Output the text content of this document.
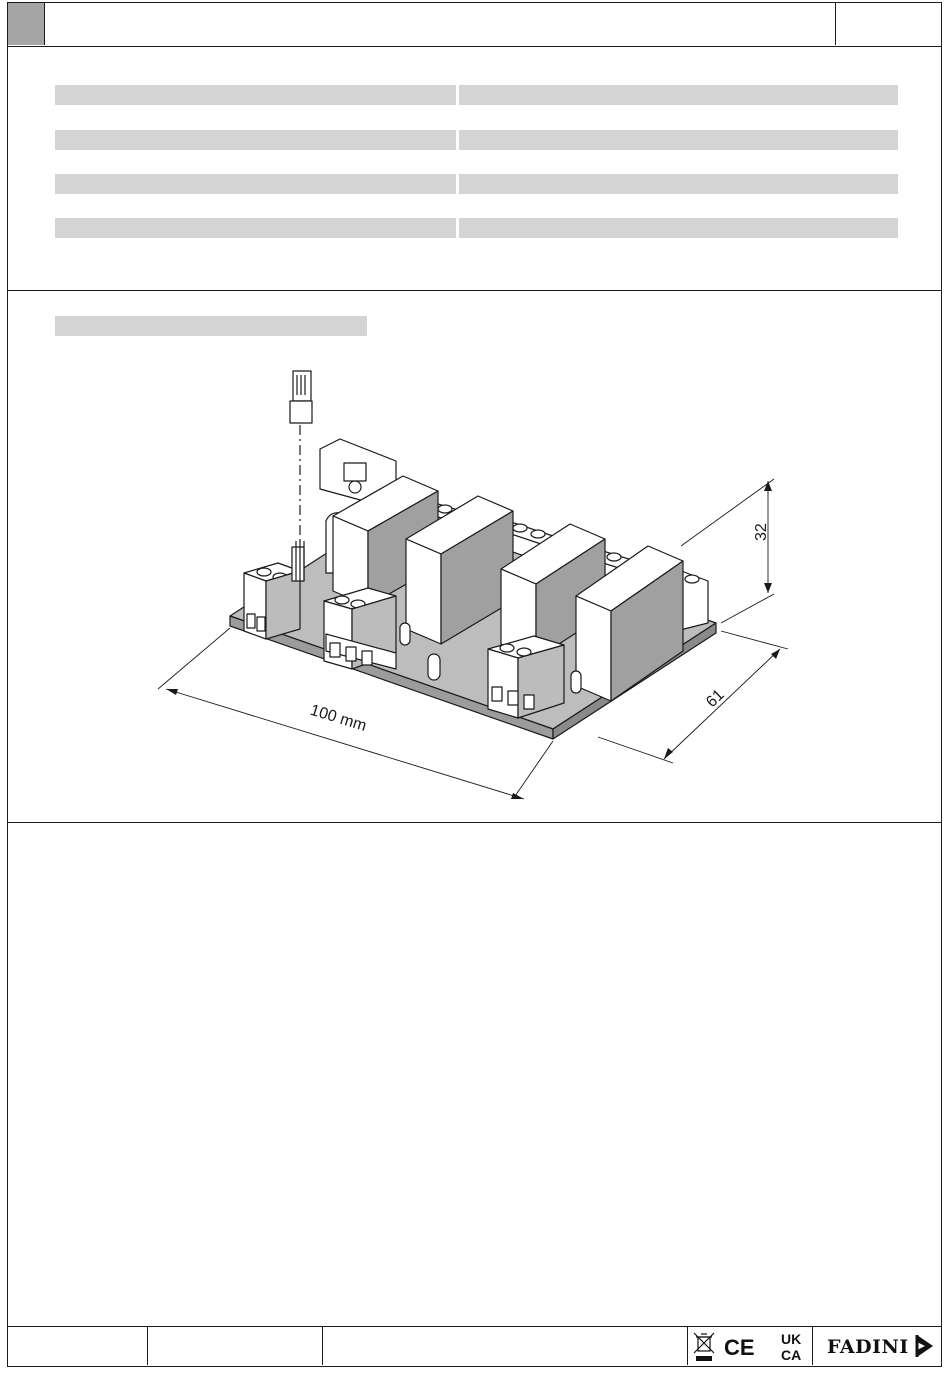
100 mm
61
32
CE UK
CA FADINI
